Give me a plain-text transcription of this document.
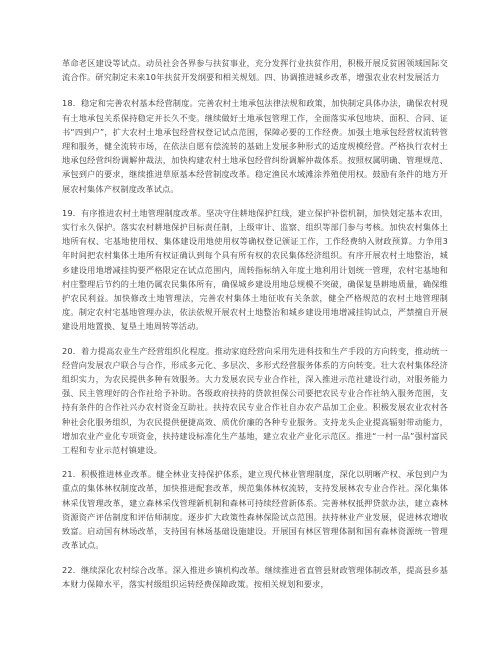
革命老区建设等试点。动员社会各界参与扶贫事业，充分发挥行业扶贫作用，积极开展反贫困领域国际交流合作。研究制定未来10年扶贫开发纲要和相关规划。四、协调推进城乡改革，增强农业农村发展活力

18．稳定和完善农村基本经营制度。完善农村土地承包法律法规和政策，加快制定具体办法，确保农村现有土地承包关系保持稳定并长久不变。继续做好土地承包管理工作，全面落实承包地块、面积、合同、证书“四到户”，扩大农村土地承包经营权登记试点范围，保障必要的工作经费。加强土地承包经营权流转管理和服务，健全流转市场，在依法自愿有偿流转的基础上发展多种形式的适度规模经营。严格执行农村土地承包经营纠纷调解仲裁法，加快构建农村土地承包经营纠纷调解仲裁体系。按照权属明确、管理规范、承包到户的要求，继续推进草原基本经营制度改革。稳定渔民水域滩涂养殖使用权。鼓励有条件的地方开展农村集体产权制度改革试点。

19．有序推进农村土地管理制度改革。坚决守住耕地保护红线，建立保护补偿机制，加快划定基本农田，实行永久保护。落实农村耕地保护目标责任制，上级审计、监察、组织等部门参与考核。加快农村集体土地所有权、宅基地使用权、集体建设用地使用权等确权登记颁证工作，工作经费纳入财政预算。力争用3年时间把农村集体土地所有权证确认到每个具有所有权的农民集体经济组织。有序开展农村土地整治，城乡建设用地增减挂钩要严格限定在试点范围内，周转指标纳入年度土地利用计划统一管理，农村宅基地和村庄整理后节约的土地仍属农民集体所有，确保城乡建设用地总规模不突破，确保复垦耕地质量，确保维护农民利益。加快修改土地管理法，完善农村集体土地征收有关条款，健全严格规范的农村土地管理制度。制定农村宅基地管理办法，依法依规开展农村土地整治和城乡建设用地增减挂钩试点，严禁擅自开展建设用地置换、复垦土地周转等活动。

20．着力提高农业生产经营组织化程度。推动家庭经营向采用先进科技和生产手段的方向转变，推动统一经营向发展农户联合与合作，形成多元化、多层次、多形式经营服务体系的方向转变。壮大农村集体经济组织实力，为农民提供多种有效服务。大力发展农民专业合作社，深入推进示范社建设行动，对服务能力强、民主管理好的合作社给予补助。各级政府扶持的贷款担保公司要把农民专业合作社纳入服务范围，支持有条件的合作社兴办农村资金互助社。扶持农民专业合作社自办农产品加工企业。积极发展农业农村各种社会化服务组织，为农民提供便捷高效、质优价廉的各种专业服务。支持龙头企业提高辐射带动能力，增加农业产业化专项资金，扶持建设标准化生产基地，建立农业产业化示范区。推进“一村一品”强村富民工程和专业示范村镇建设。

21．积极推进林业改革。健全林业支持保护体系，建立现代林业管理制度，深化以明晰产权、承包到户为重点的集体林权制度改革，加快推进配套改革，规范集体林权流转，支持发展林农专业合作社。深化集体林采伐管理改革，建立森林采伐管理新机制和森林可持续经营新体系。完善林权抵押贷款办法，建立森林资源资产评估制度和评估师制度。逐步扩大政策性森林保险试点范围。扶持林业产业发展，促进林农增收致富。启动国有林场改革，支持国有林场基础设施建设。开展国有林区管理体制和国有森林资源统一管理改革试点。

22．继续深化农村综合改革。深入推进乡镇机构改革。继续推进省直管县财政管理体制改革，提高县乡基本财力保障水平，落实村级组织运转经费保障政策。按相关规划和要求，
